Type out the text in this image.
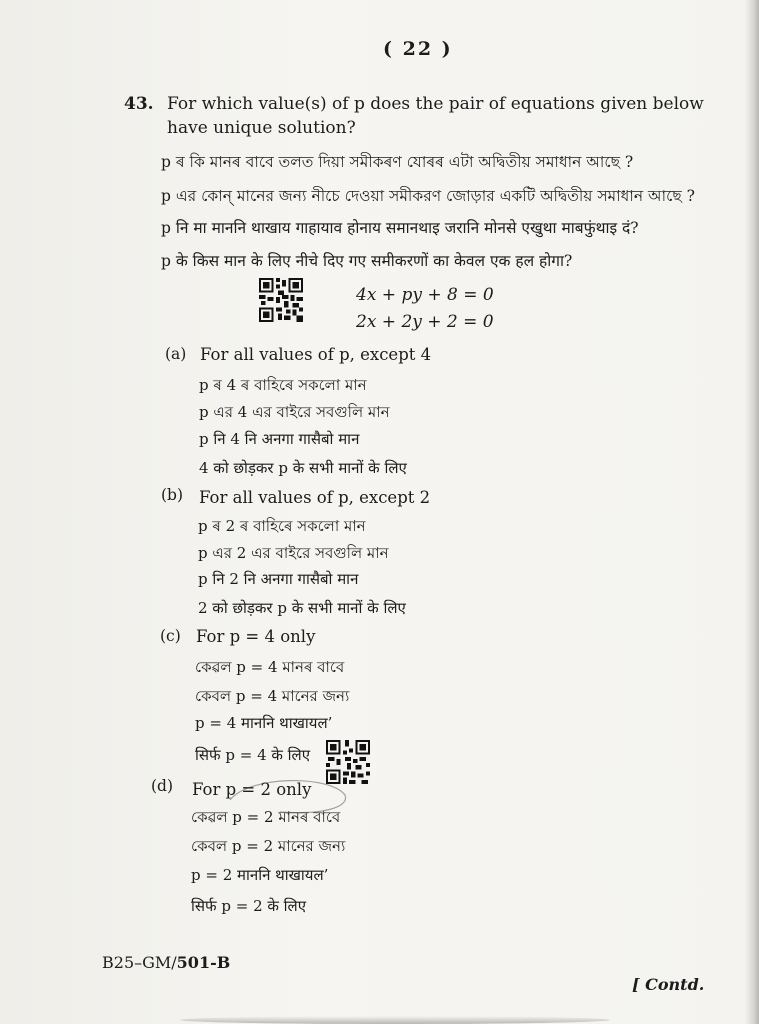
( 22 )
43. For which value(s) of p does the pair of equations given below have unique solution?
p ৰ কি মানৰ বাবে তলত দিয়া সমীকৰণ যোৰৰ এটা অদ্বিতীয় সমাধান আছে ?
p এর কোন্‌ মানের জন্য নীচে দেওয়া সমীকরণ জোড়ার একটি অদ্বিতীয় সমাধান আছে ?
p नि मा माननि थाखाय गाहायाव होनाय समानथाइ जरानि मोनसे एखुथा माबफुंथाइ दं?
p के किस मान के लिए नीचे दिए गए समीकरणों का केवल एक हल होगा?
4x + py + 8 = 0
2x + 2y + 2 = 0
(a) For all values of p, except 4
p ৰ 4 ৰ বাহিৰে সকলো মান
p এর 4 এর বাইরে সবগুলি মান
p नि 4 नि अनगा गासैबो मान
4 को छोड़कर p के सभी मानों के लिए
(b) For all values of p, except 2
p ৰ 2 ৰ বাহিৰে সকলো মান
p এর 2 এর বাইরে সবগুলি মান
p नि 2 नि अनगा गासैबो मान
2 को छोड़कर p के सभी मानों के लिए
(c) For p = 4 only
কেৱল p = 4 মানৰ বাবে
কেবল p = 4 মানের জন্য
p = 4 माननि थाखायल’
सिर्फ p = 4 के लिए
(d) For p = 2 only
কেৱল p = 2 মানৰ বাবে
কেবল p = 2 মানের জন্য
p = 2 माननि थाखायल’
सिर्फ p = 2 के लिए
B25–GM/501-B
[ Contd.
